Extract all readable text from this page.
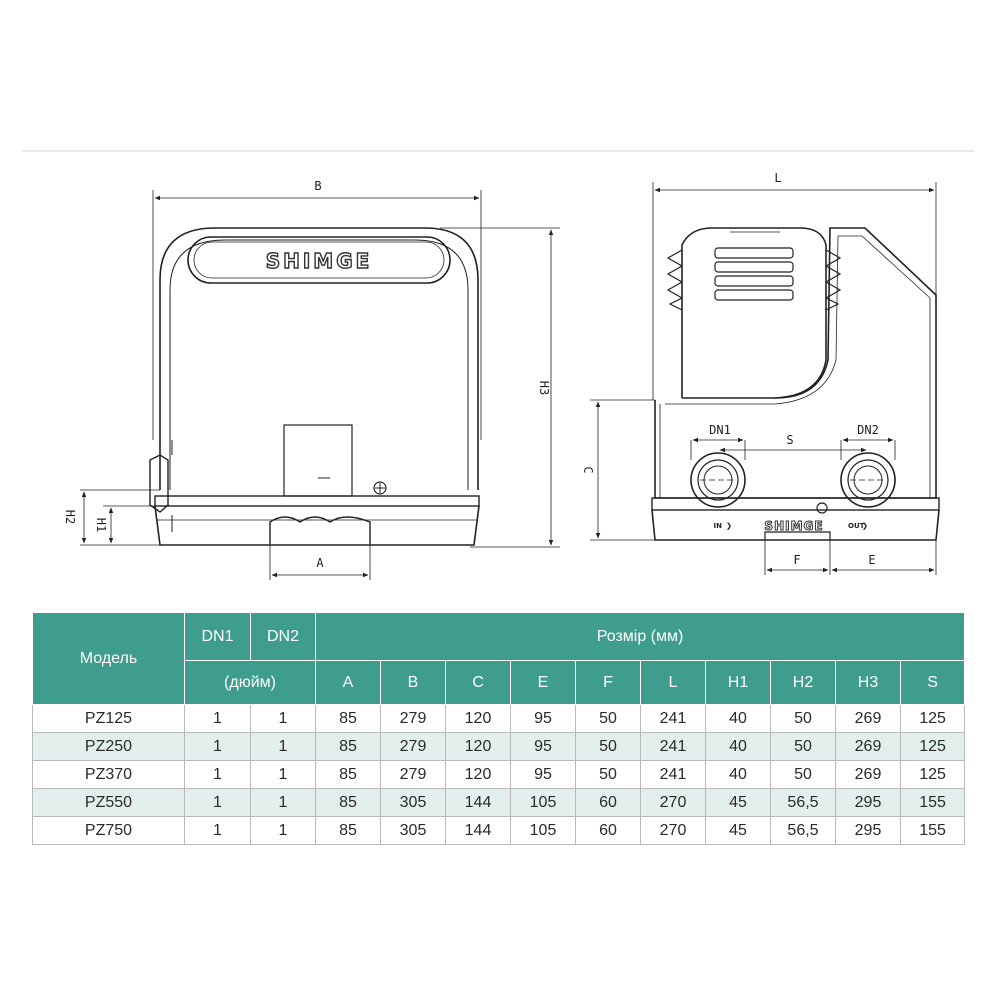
SHIMGE
B
H3
H2
H1
A
SHIMGE
IN ❯	OUT
❯
L
C
DN1	DN2
S
F	E
Модель	DN1	DN2	Розмір (мм)									
	(дюйм)		A	B	C	E	F	L	H1	H2	H3	S
PZ125	1	1	85	279	120	95	50	241	40	50	269	125
PZ250	1	1	85	279	120	95	50	241	40	50	269	125
PZ370	1	1	85	279	120	95	50	241	40	50	269	125
PZ550	1	1	85	305	144	105	60	270	45	56,5	295	155
PZ750	1	1	85	305	144	105	60	270	45	56,5	295	155
